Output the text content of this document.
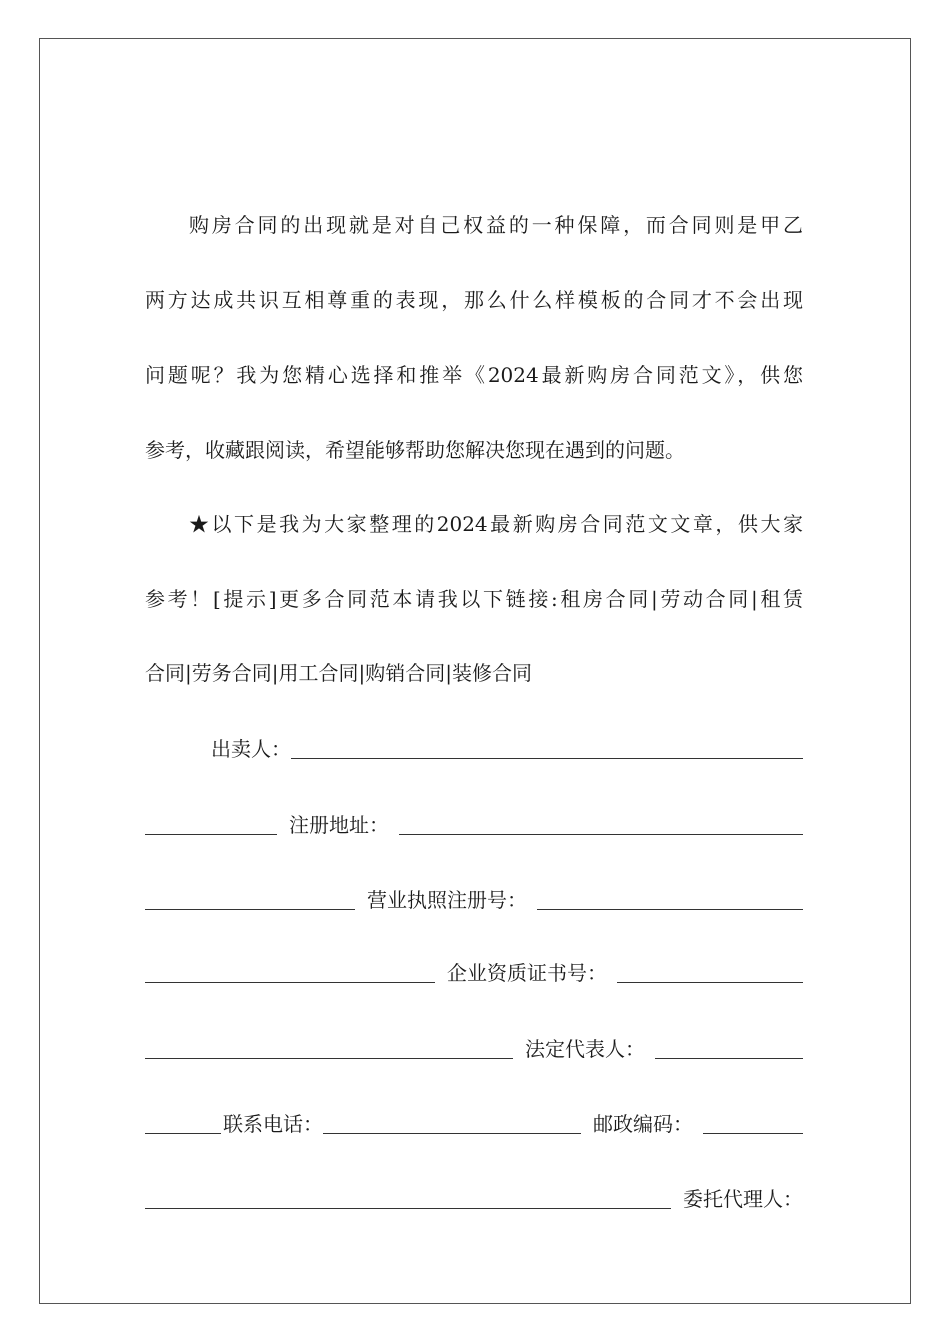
购房合同的出现就是对自己权益的一种保障，而合同则是甲乙
两方达成共识互相尊重的表现，那么什么样模板的合同才不会出现
问题呢？我为您精心选择和推举《2024最新购房合同范文》，供您
参考，收藏跟阅读，希望能够帮助您解决您现在遇到的问题。
★以下是我为大家整理的2024最新购房合同范文文章，供大家
参考！[提示]更多合同范本请我以下链接:租房合同|劳动合同|租赁
合同|劳务合同|用工合同|购销合同|装修合同
出卖人：
注册地址：
营业执照注册号：
企业资质证书号：
法定代表人：
联系电话：	邮政编码：
委托代理人：
